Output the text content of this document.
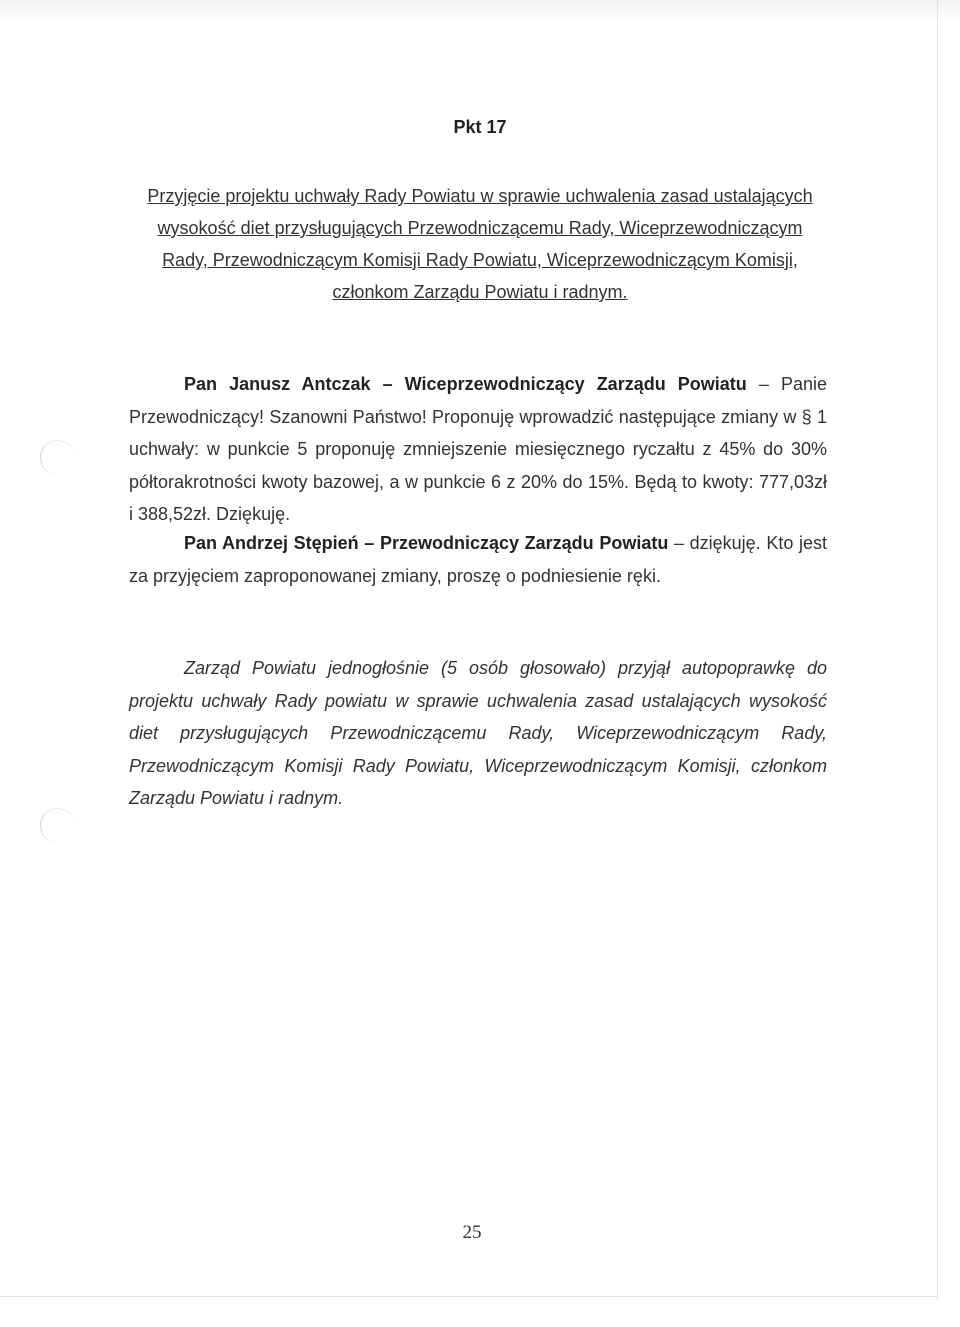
Pkt 17
Przyjęcie projektu uchwały Rady Powiatu w sprawie uchwalenia zasad ustalających
wysokość diet przysługujących Przewodniczącemu Rady, Wiceprzewodniczącym
Rady, Przewodniczącym Komisji Rady Powiatu, Wiceprzewodniczącym Komisji,
członkom Zarządu Powiatu i radnym.
Pan Janusz Antczak – Wiceprzewodniczący Zarządu Powiatu – Panie Przewodniczący! Szanowni Państwo! Proponuję wprowadzić następujące zmiany w § 1 uchwały: w punkcie 5 proponuję zmniejszenie miesięcznego ryczałtu z 45% do 30% półtorakrotności kwoty bazowej, a w punkcie 6 z 20% do 15%. Będą to kwoty: 777,03zł i 388,52zł. Dziękuję.
Pan Andrzej Stępień – Przewodniczący Zarządu Powiatu – dziękuję. Kto jest za przyjęciem zaproponowanej zmiany, proszę o podniesienie ręki.
Zarząd Powiatu jednogłośnie (5 osób głosowało) przyjął autopoprawkę do projektu uchwały Rady powiatu w sprawie uchwalenia zasad ustalających wysokość diet przysługujących Przewodniczącemu Rady, Wiceprzewodniczącym Rady, Przewodniczącym Komisji Rady Powiatu, Wiceprzewodniczącym Komisji, członkom Zarządu Powiatu i radnym.
25
